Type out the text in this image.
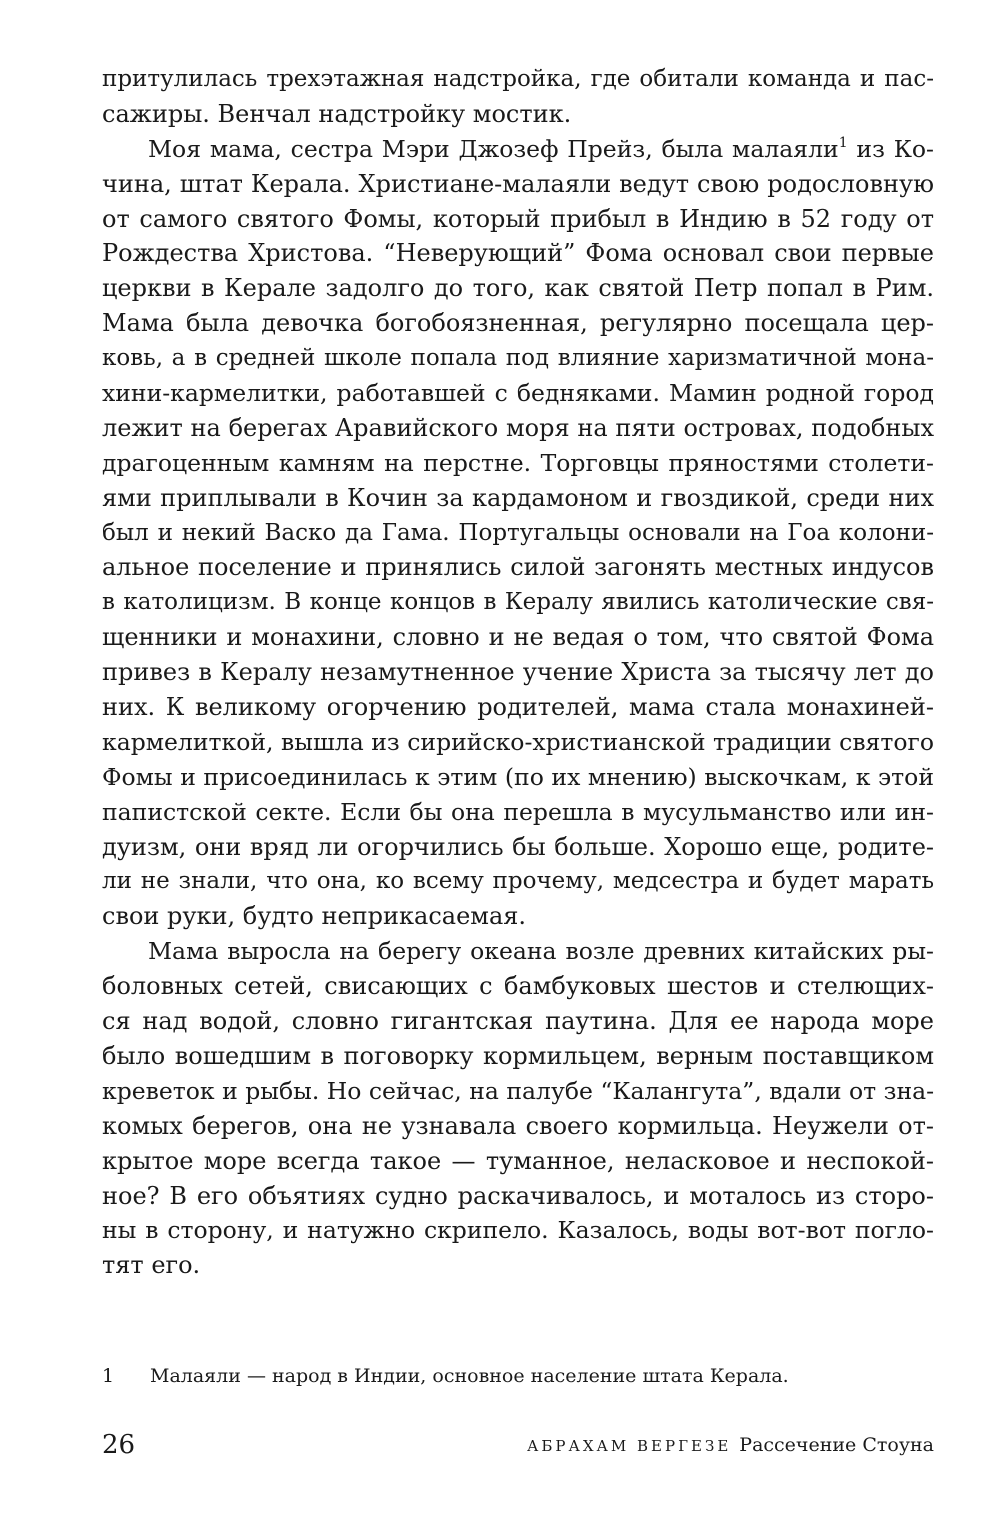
притулилась трехэтажная надстройка, где обитали команда и пас-
сажиры. Венчал надстройку мостик.
Моя мама, сестра Мэри Джозеф Прейз, была малаяли$^1$ из Ко-
чина, штат Керала. Христиане-малаяли ведут свою родословную
от самого святого Фомы, который прибыл в Индию в 52 году от
Рождества Христова. “Неверующий” Фома основал свои первые
церкви в Керале задолго до того, как святой Петр попал в Рим.
Мама была девочка богобоязненная, регулярно посещала цер-
ковь, а в средней школе попала под влияние харизматичной мона-
хини-кармелитки, работавшей с бедняками. Мамин родной город
лежит на берегах Аравийского моря на пяти островах, подобных
драгоценным камням на перстне. Торговцы пряностями столети-
ями приплывали в Кочин за кардамоном и гвоздикой, среди них
был и некий Васко да Гама. Португальцы основали на Гоа колони-
альное поселение и принялись силой загонять местных индусов
в католицизм. В конце концов в Кералу явились католические свя-
щенники и монахини, словно и не ведая о том, что святой Фома
привез в Кералу незамутненное учение Христа за тысячу лет до
них. К великому огорчению родителей, мама стала монахиней-
кармелиткой, вышла из сирийско-христианской традиции святого
Фомы и присоединилась к этим (по их мнению) выскочкам, к этой
папистской секте. Если бы она перешла в мусульманство или ин-
дуизм, они вряд ли огорчились бы больше. Хорошо еще, родите-
ли не знали, что она, ко всему прочему, медсестра и будет марать
свои руки, будто неприкасаемая.
Мама выросла на берегу океана возле древних китайских ры-
боловных сетей, свисающих с бамбуковых шестов и стелющих-
ся над водой, словно гигантская паутина. Для ее народа море
было вошедшим в поговорку кормильцем, верным поставщиком
креветок и рыбы. Но сейчас, на палубе “Калангута”, вдали от зна-
комых берегов, она не узнавала своего кормильца. Неужели от-
крытое море всегда такое — туманное, неласковое и неспокой-
ное? В его объятиях судно раскачивалось, и моталось из сторо-
ны в сторону, и натужно скрипело. Казалось, воды вот-вот погло-
тят его.
1 Малаяли — народ в Индии, основное население штата Керала.
26	АБРАХАМ ВЕРГЕЗЕ Рассечение Стоуна
